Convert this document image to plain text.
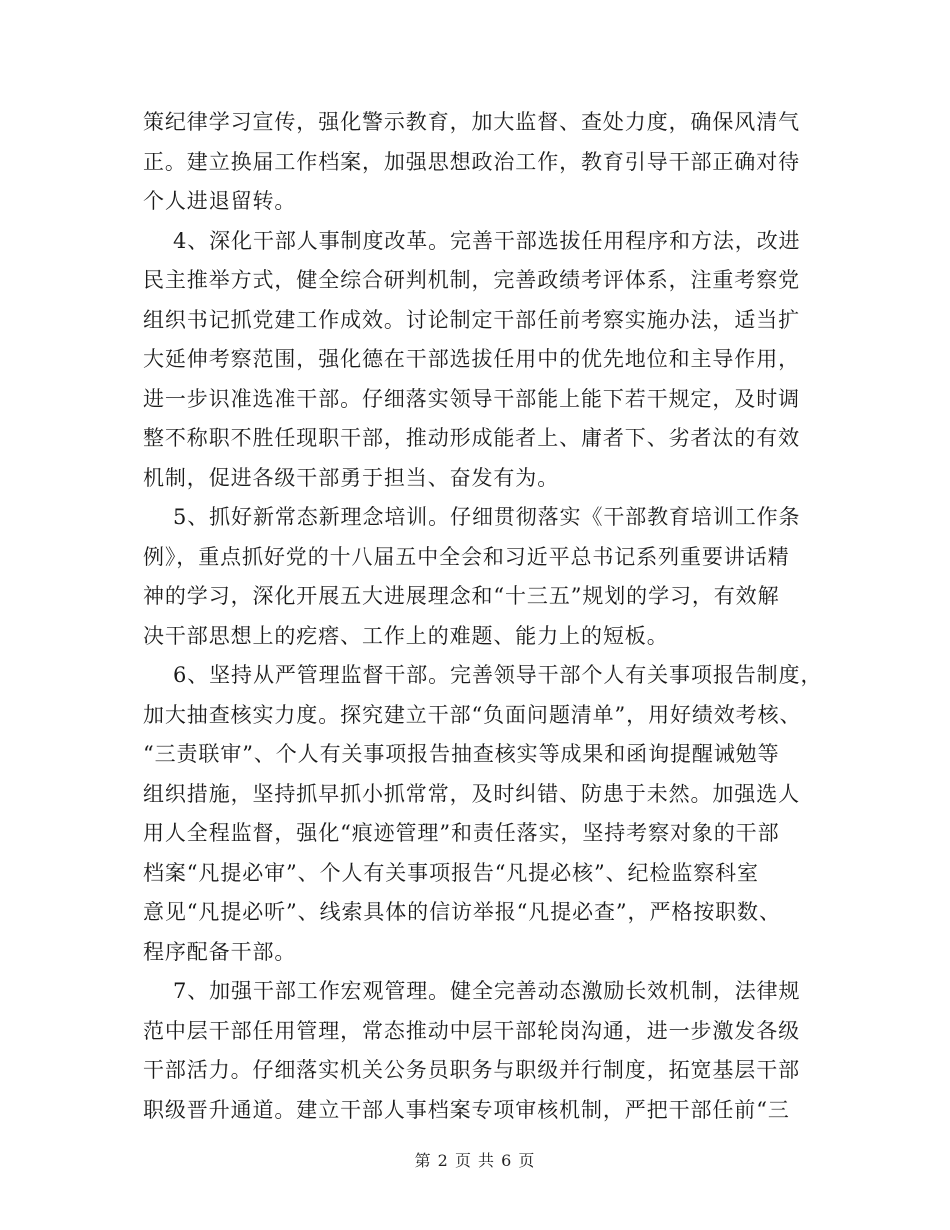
策纪律学习宣传，强化警示教育，加大监督、查处力度，确保风清气
正。建立换届工作档案，加强思想政治工作，教育引导干部正确对待
个人进退留转。
4、深化干部人事制度改革。完善干部选拔任用程序和方法，改进
民主推举方式，健全综合研判机制，完善政绩考评体系，注重考察党
组织书记抓党建工作成效。讨论制定干部任前考察实施办法，适当扩
大延伸考察范围，强化德在干部选拔任用中的优先地位和主导作用，
进一步识准选准干部。仔细落实领导干部能上能下若干规定，及时调
整不称职不胜任现职干部，推动形成能者上、庸者下、劣者汰的有效
机制，促进各级干部勇于担当、奋发有为。
5、抓好新常态新理念培训。仔细贯彻落实《干部教育培训工作条
例》，重点抓好党的十八届五中全会和习近平总书记系列重要讲话精
神的学习，深化开展五大进展理念和“十三五”规划的学习，有效解
决干部思想上的疙瘩、工作上的难题、能力上的短板。
6、坚持从严管理监督干部。完善领导干部个人有关事项报告制度，
加大抽查核实力度。探究建立干部“负面问题清单”，用好绩效考核、
“三责联审”、个人有关事项报告抽查核实等成果和函询提醒诫勉等
组织措施，坚持抓早抓小抓常常，及时纠错、防患于未然。加强选人
用人全程监督，强化“痕迹管理”和责任落实，坚持考察对象的干部
档案“凡提必审”、个人有关事项报告“凡提必核”、纪检监察科室
意见“凡提必听”、线索具体的信访举报“凡提必查”，严格按职数、
程序配备干部。
7、加强干部工作宏观管理。健全完善动态激励长效机制，法律规
范中层干部任用管理，常态推动中层干部轮岗沟通，进一步激发各级
干部活力。仔细落实机关公务员职务与职级并行制度，拓宽基层干部
职级晋升通道。建立干部人事档案专项审核机制，严把干部任前“三
第 2 页 共 6 页
